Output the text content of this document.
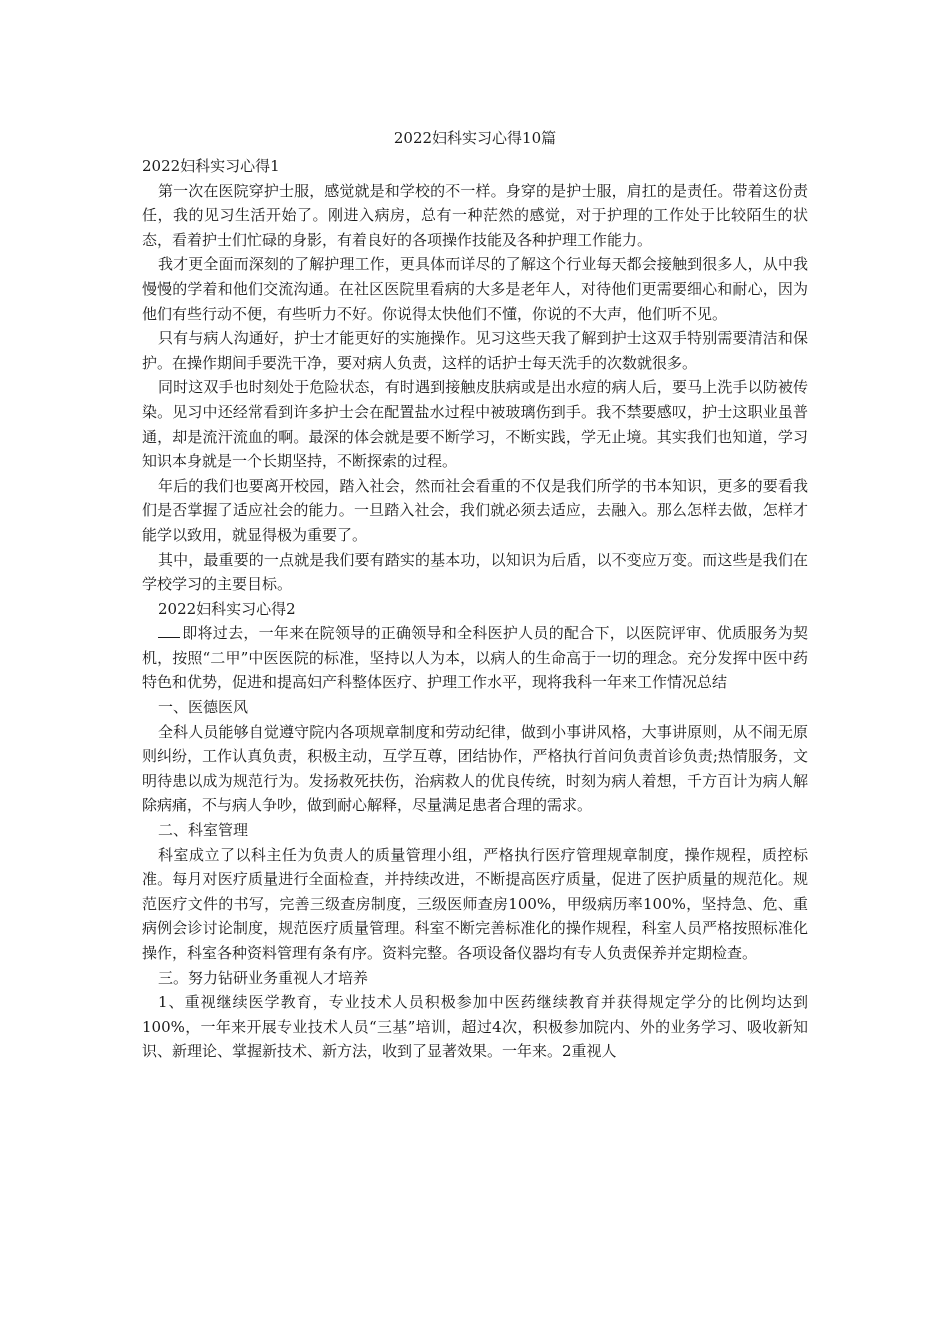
2022妇科实习心得10篇
2022妇科实习心得1

第一次在医院穿护士服，感觉就是和学校的不一样。身穿的是护士服，肩扛的是责任。带着这份责任，我的见习生活开始了。刚进入病房，总有一种茫然的感觉，对于护理的工作处于比较陌生的状态，看着护士们忙碌的身影，有着良好的各项操作技能及各种护理工作能力。

我才更全面而深刻的了解护理工作，更具体而详尽的了解这个行业每天都会接触到很多人，从中我慢慢的学着和他们交流沟通。在社区医院里看病的大多是老年人，对待他们更需要细心和耐心，因为他们有些行动不便，有些听力不好。你说得太快他们不懂，你说的不大声，他们听不见。

只有与病人沟通好，护士才能更好的实施操作。见习这些天我了解到护士这双手特别需要清洁和保护。在操作期间手要洗干净，要对病人负责，这样的话护士每天洗手的次数就很多。

同时这双手也时刻处于危险状态，有时遇到接触皮肤病或是出水痘的病人后，要马上洗手以防被传染。见习中还经常看到许多护士会在配置盐水过程中被玻璃伤到手。我不禁要感叹，护士这职业虽普通，却是流汗流血的啊。最深的体会就是要不断学习，不断实践，学无止境。其实我们也知道，学习知识本身就是一个长期坚持，不断探索的过程。

年后的我们也要离开校园，踏入社会，然而社会看重的不仅是我们所学的书本知识，更多的要看我们是否掌握了适应社会的能力。一旦踏入社会，我们就必须去适应，去融入。那么怎样去做，怎样才能学以致用，就显得极为重要了。

其中，最重要的一点就是我们要有踏实的基本功，以知识为后盾，以不变应万变。而这些是我们在学校学习的主要目标。

2022妇科实习心得2

即将过去，一年来在院领导的正确领导和全科医护人员的配合下，以医院评审、优质服务为契机，按照“二甲”中医医院的标准，坚持以人为本，以病人的生命高于一切的理念。充分发挥中医中药特色和优势，促进和提高妇产科整体医疗、护理工作水平，现将我科一年来工作情况总结

一、医德医风

全科人员能够自觉遵守院内各项规章制度和劳动纪律，做到小事讲风格，大事讲原则，从不闹无原则纠纷，工作认真负责，积极主动，互学互尊，团结协作，严格执行首问负责首诊负责;热情服务，文明待患以成为规范行为。发扬救死扶伤，治病救人的优良传统，时刻为病人着想，千方百计为病人解除病痛，不与病人争吵，做到耐心解释，尽量满足患者合理的需求。

二、科室管理

科室成立了以科主任为负责人的质量管理小组，严格执行医疗管理规章制度，操作规程，质控标准。每月对医疗质量进行全面检查，并持续改进，不断提高医疗质量，促进了医护质量的规范化。规范医疗文件的书写，完善三级查房制度，三级医师查房100%，甲级病历率100%，坚持急、危、重病例会诊讨论制度，规范医疗质量管理。科室不断完善标准化的操作规程，科室人员严格按照标准化操作，科室各种资料管理有条有序。资料完整。各项设备仪器均有专人负责保养并定期检查。

三。努力钻研业务重视人才培养

1、重视继续医学教育，专业技术人员积极参加中医药继续教育并获得规定学分的比例均达到100%，一年来开展专业技术人员“三基”培训，超过4次，积极参加院内、外的业务学习、吸收新知识、新理论、掌握新技术、新方法，收到了显著效果。一年来。2重视人
